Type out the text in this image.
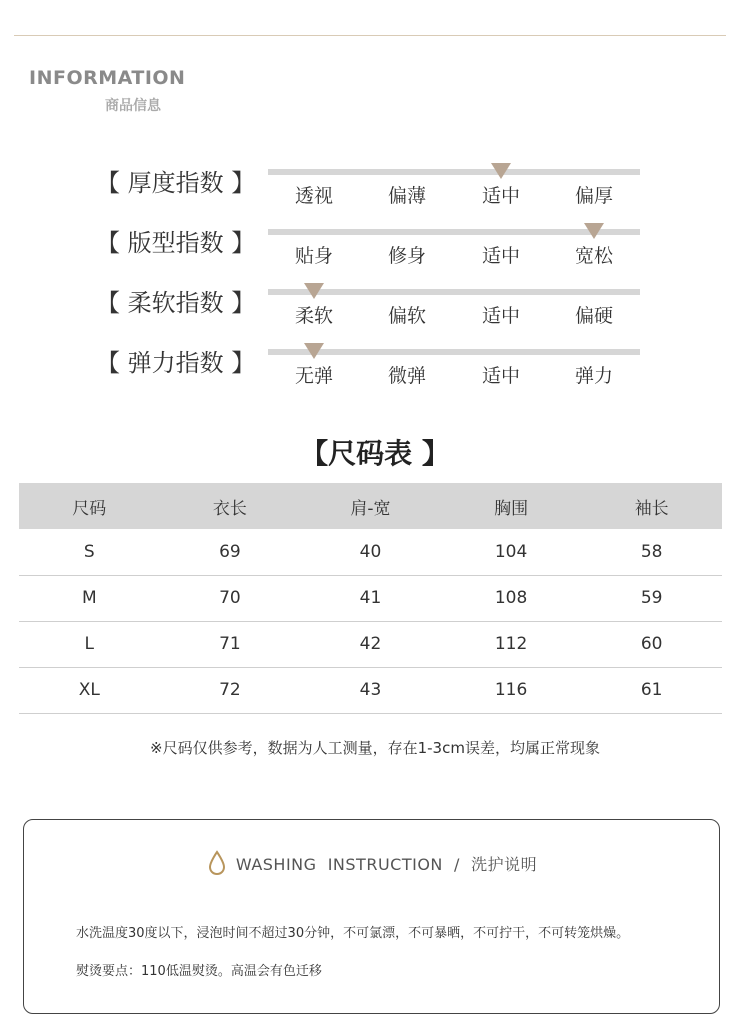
INFORMATION
商品信息
【 厚度指数 】	透视	偏薄	适中	偏厚
【 版型指数 】	贴身	修身	适中	宽松
【 柔软指数 】	柔软	偏软	适中	偏硬
【 弹力指数 】	无弹	微弹	适中	弹力
【尺码表 】
尺码	衣长	肩-宽	胸围	袖长
S	69	40	104	58
M	70	41	108	59
L	71	42	112	60
XL	72	43	116	61
※尺码仅供参考，数据为人工测量，存在1-3cm误差，均属正常现象
WASHING  INSTRUCTION  /  洗护说明
水洗温度30度以下，浸泡时间不超过30分钟，不可氯漂，不可暴晒，不可拧干，不可转笼烘燥。
熨烫要点：110低温熨烫。高温会有色迁移
